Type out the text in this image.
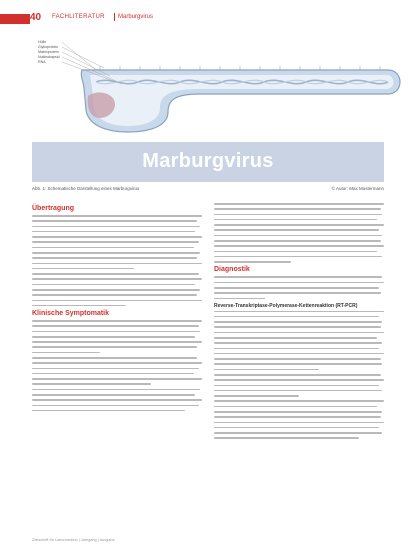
40 FACHLITERATUR Marburgvirus
Hülle
Glykoprotein
Matrixprotein
Nukleokapsid
RNA
Marburgvirus
Abb. 1: Schematische Darstellung eines Marburgvirus	© Autor: Max Mustermann
Übertragung
Klinische Symptomatik
Diagnostik
Reverse-Transkriptase-Polymerase-Kettenreaktion (RT-PCR)
Zeitschrift für Labormedizin | Jahrgang | Ausgabe
